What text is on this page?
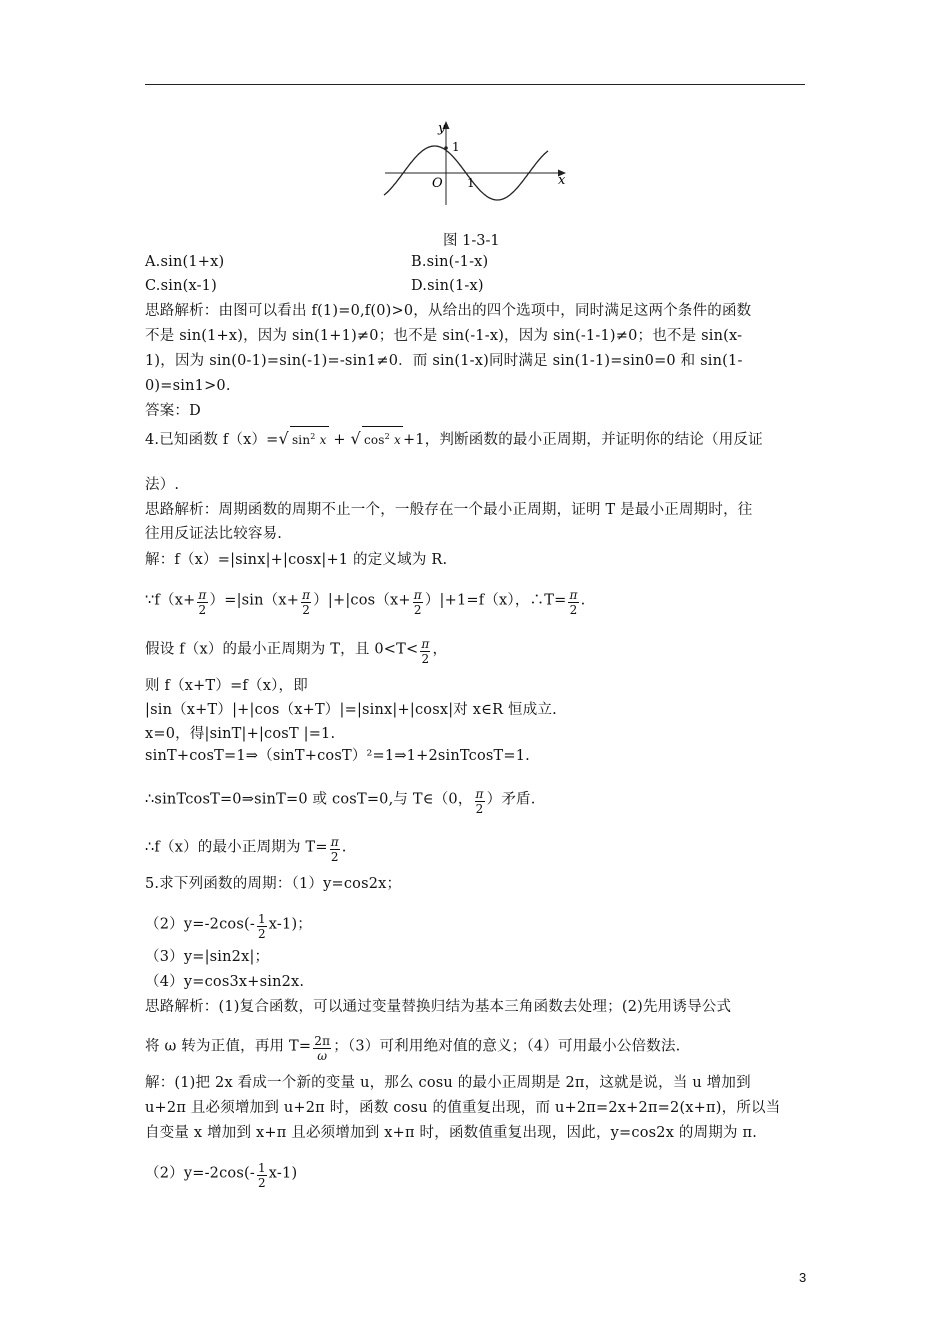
y
x
O
1
1
图 1-3-1
A.sin(1+x)	B.sin(-1-x)
C.sin(x-1)	D.sin(1-x)
思路解析：由图可以看出 f(1)=0,f(0)>0，从给出的四个选项中，同时满足这两个条件的函数
不是 sin(1+x)，因为 sin(1+1)≠0；也不是 sin(-1-x)，因为 sin(-1-1)≠0；也不是 sin(x-
1)，因为 sin(0-1)=sin(-1)=-sin1≠0．而 sin(1-x)同时满足 sin(1-1)=sin0=0 和 sin(1-
0)=sin1>0.
答案：D
4.已知函数 f（x）=√ $\sin^2 x$ + √ $\cos^2 x +1$，判断函数的最小正周期，并证明你的结论（用反证
法）.
思路解析：周期函数的周期不止一个，一般存在一个最小正周期，证明 T 是最小正周期时，往
往用反证法比较容易.
解：f（x）=|sinx|+|cosx|+1 的定义域为 R.
∵f（x+ $\frac{\pi}{2} )=|\sin(x+ \frac{\pi}{2} )|+|\cos(x+ \frac{\pi}{2} )|+1=f(x)$，∴T= $\frac{\pi}{2}$ .
假设 f（x）的最小正周期为 T，且 $0<T< \frac{\pi}{2}$ ，
则 f（x+T）=f（x），即
|sin（x+T）|+|cos（x+T）|=|sinx|+|cosx|对 x∈R 恒成立.
x=0，得|sinT|+|cosT |=1.
sinT+cosT=1⇒（sinT+cosT）²=1⇒1+2sinTcosT=1.
∴sinTcosT=0⇒sinT=0 或 cosT=0,与 T∈（0， $\frac{\pi}{2}$ ）矛盾.
∴f（x）的最小正周期为 $T= \frac{\pi}{2}$ .
5.求下列函数的周期：（1）y=cos2x；
$(2)y=-2\cos(- \frac{1}{2} x-1)$；
（3）y=|sin2x|；
（4）y=cos3x+sin2x.
思路解析：(1)复合函数，可以通过变量替换归结为基本三角函数去处理；(2)先用诱导公式
将 ω 转为正值，再用 $T= \frac{2\pi}{\omega}$ ；（3）可利用绝对值的意义；（4）可用最小公倍数法.
解：(1)把 2x 看成一个新的变量 u，那么 cosu 的最小正周期是 2π，这就是说，当 u 增加到
u+2π 且必须增加到 u+2π 时，函数 cosu 的值重复出现，而 u+2π=2x+2π=2(x+π)，所以当
自变量 x 增加到 x+π 且必须增加到 x+π 时，函数值重复出现，因此，y=cos2x 的周期为 π.
$(2)y=-2\cos(- \frac{1}{2} x-1)$
3
